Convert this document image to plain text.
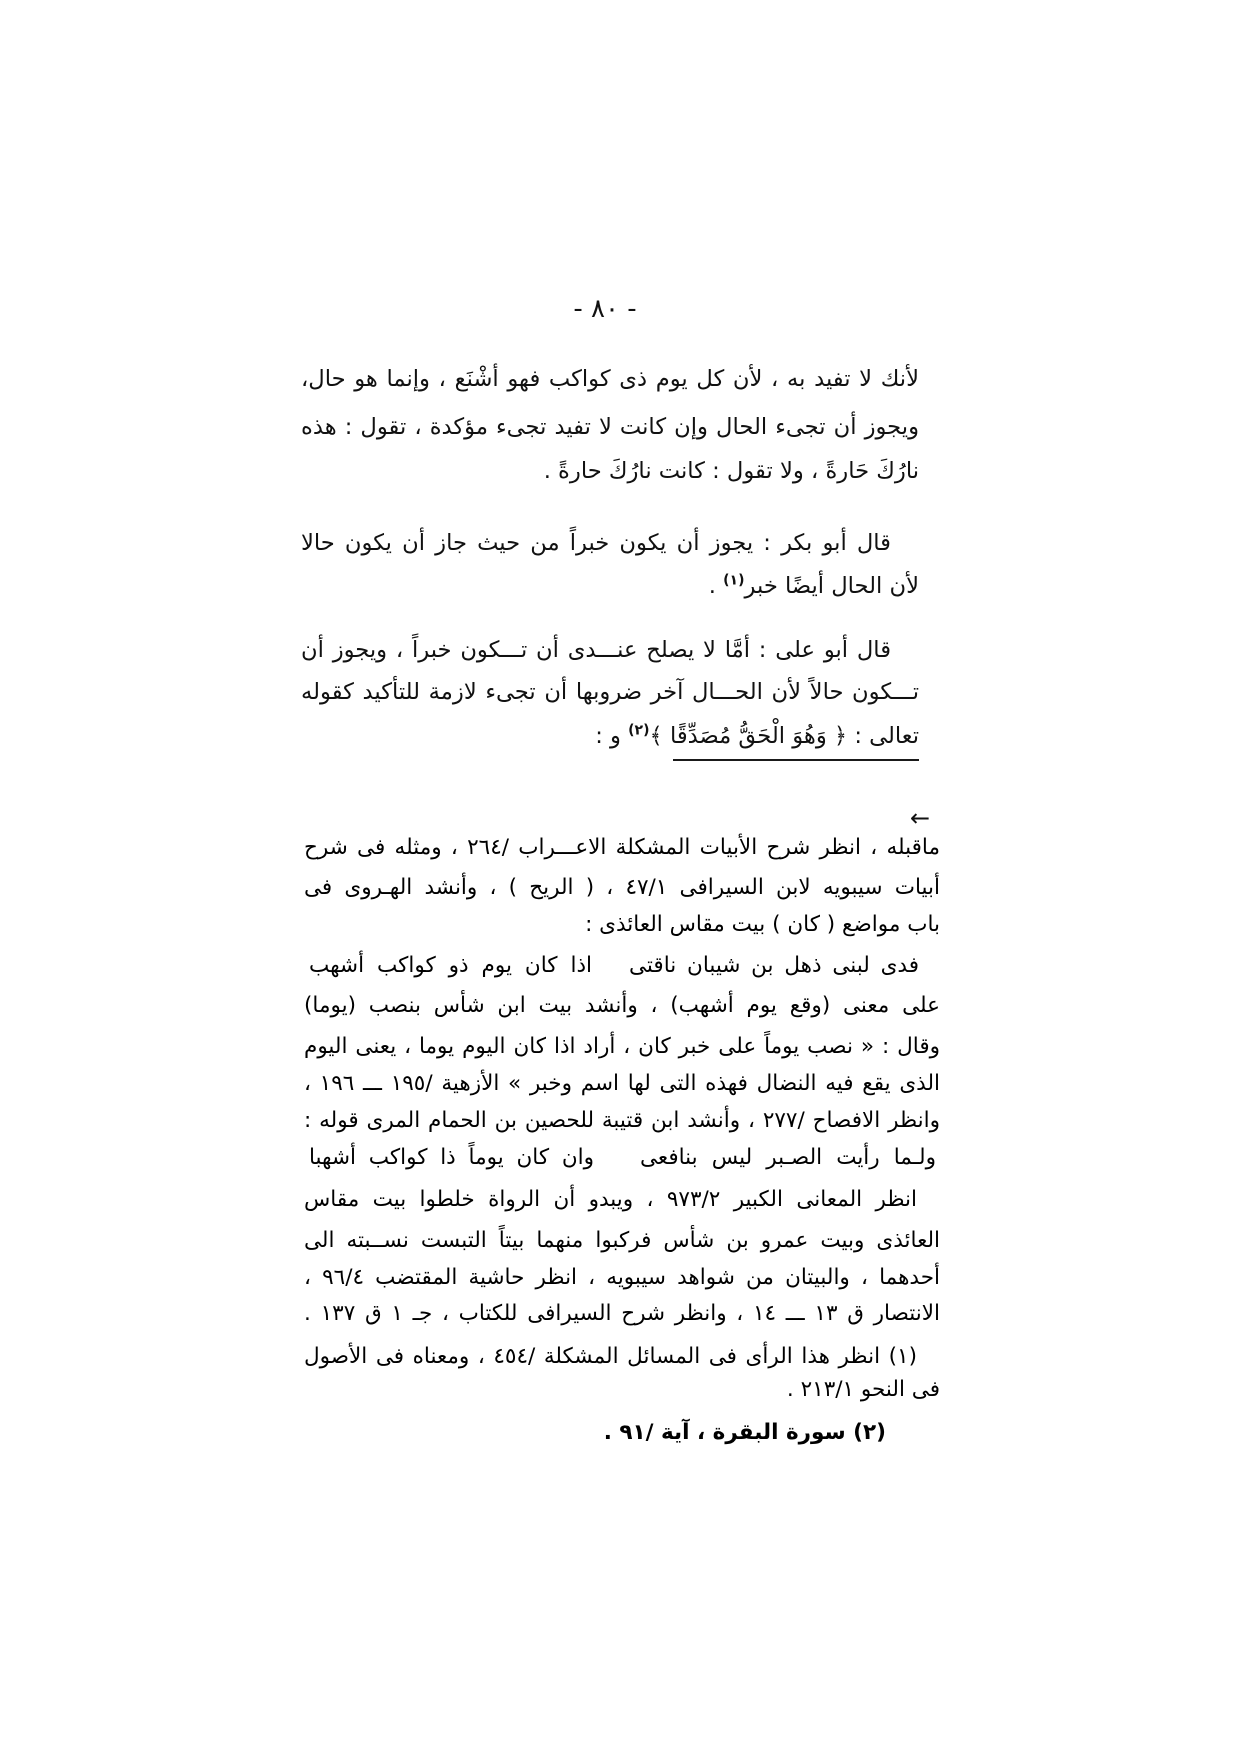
- ٨٠ -
لأنك لا تفيد به ، لأن كل يوم ذى كواكب فهو أشْنَع ، وإنما هو حال،
ويجوز أن تجىء الحال وإن كانت لا تفيد تجىء مؤكدة ، تقول : هذه
نارُكَ حَارةً ، ولا تقول : كانت نارُكَ حارةً .
قال أبو بكر : يجوز أن يكون خبراً من حيث جاز أن يكون حالا
لأن الحال أيضًا خبر$^{(١)}$ .
قال أبو على : أمَّا لا يصلح عنـــدى أن تـــكون خبراً ، ويجوز أن
تـــكون حالاً لأن الحـــال آخر ضروبها أن تجىء لازمة للتأكيد كقوله
تعالى : ﴿ وَهُوَ الْحَقُّ مُصَدِّقًا ﴾$^{(٢)}$ و :
←
ماقبله ، انظر شرح الأبيات المشكلة الاعـــراب /٢٦٤ ، ومثله فى شرح
أبيات سيبويه لابن السيرافى ٤٧/١ ، ( الريح ) ، وأنشد الهـروى فى
باب مواضع ( كان ) بيت مقاس العائذى :
فدى لبنى ذهل بن شيبان ناقتى
اذا كان يوم ذو كواكب أشهب
على معنى (وقع يوم أشهب) ، وأنشد بيت ابن شأس بنصب (يوما)
وقال : « نصب يوماً على خبر كان ، أراد اذا كان اليوم يوما ، يعنى اليوم
الذى يقع فيه النضال فهذه التى لها اسم وخبر » الأزهية /١٩٥ ـــ ١٩٦ ،
وانظر الافصاح /٢٧٧ ، وأنشد ابن قتيبة للحصين بن الحمام المرى قوله :
ولـما رأيت الصـبر ليس بنافعى
وان كان يوماً ذا كواكب أشهبا
انظر المعانى الكبير ٩٧٣/٢ ، ويبدو أن الرواة خلطوا بيت مقاس
العائذى وبيت عمرو بن شأس فركبوا منهما بيتاً التبست نســبته الى
أحدهما ، والبيتان من شواهد سيبويه ، انظر حاشية المقتضب ٩٦/٤ ،
الانتصار ق ١٣ ـــ ١٤ ، وانظر شرح السيرافى للكتاب ، جـ ١ ق ١٣٧ .
(١) انظر هذا الرأى فى المسائل المشكلة /٤٥٤ ، ومعناه فى الأصول
فى النحو ٢١٣/١ .
(٢) سورة البقرة ، آية /٩١ .
